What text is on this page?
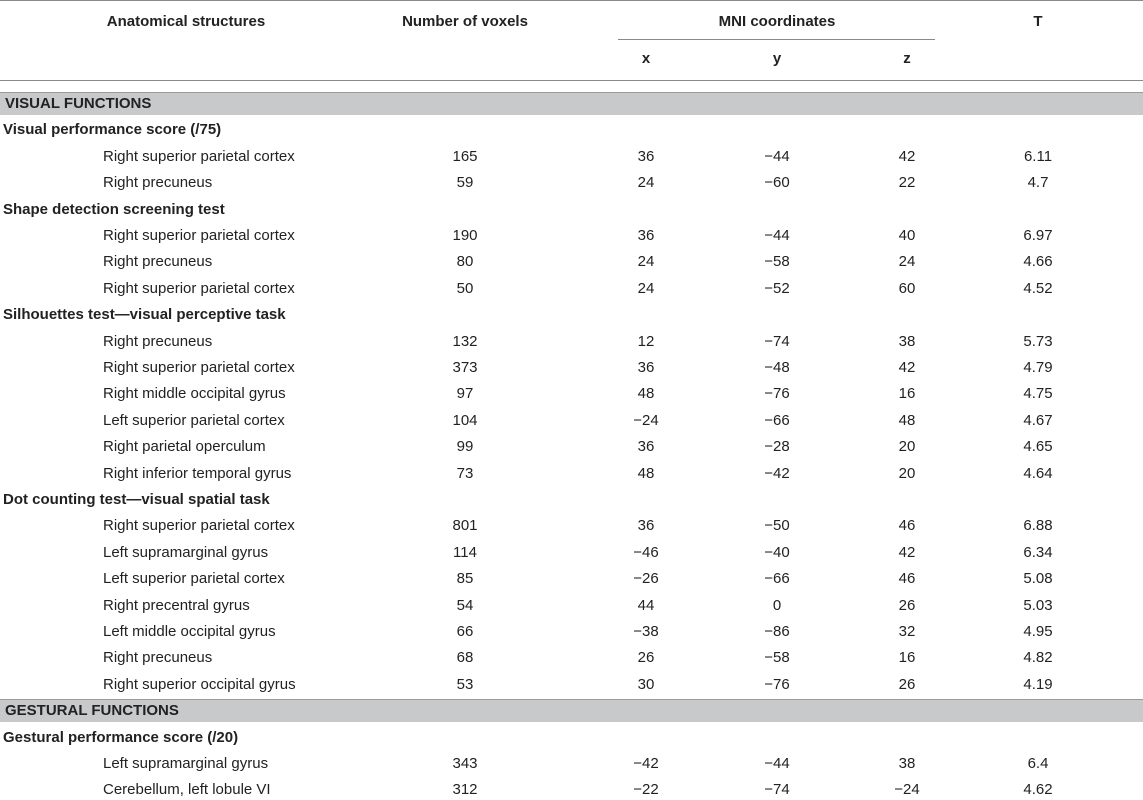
Anatomical structures	Number of voxels	MNI coordinates	T
x	y	z
VISUAL FUNCTIONS
Visual performance score (/75)
Right superior parietal cortex	165	36	−44	42	6.11
Right precuneus	59	24	−60	22	4.7
Shape detection screening test
Right superior parietal cortex	190	36	−44	40	6.97
Right precuneus	80	24	−58	24	4.66
Right superior parietal cortex	50	24	−52	60	4.52
Silhouettes test—visual perceptive task
Right precuneus	132	12	−74	38	5.73
Right superior parietal cortex	373	36	−48	42	4.79
Right middle occipital gyrus	97	48	−76	16	4.75
Left superior parietal cortex	104	−24	−66	48	4.67
Right parietal operculum	99	36	−28	20	4.65
Right inferior temporal gyrus	73	48	−42	20	4.64
Dot counting test—visual spatial task
Right superior parietal cortex	801	36	−50	46	6.88
Left supramarginal gyrus	114	−46	−40	42	6.34
Left superior parietal cortex	85	−26	−66	46	5.08
Right precentral gyrus	54	44	0	26	5.03
Left middle occipital gyrus	66	−38	−86	32	4.95
Right precuneus	68	26	−58	16	4.82
Right superior occipital gyrus	53	30	−76	26	4.19
GESTURAL FUNCTIONS
Gestural performance score (/20)
Left supramarginal gyrus	343	−42	−44	38	6.4
Cerebellum, left lobule VI	312	−22	−74	−24	4.62
